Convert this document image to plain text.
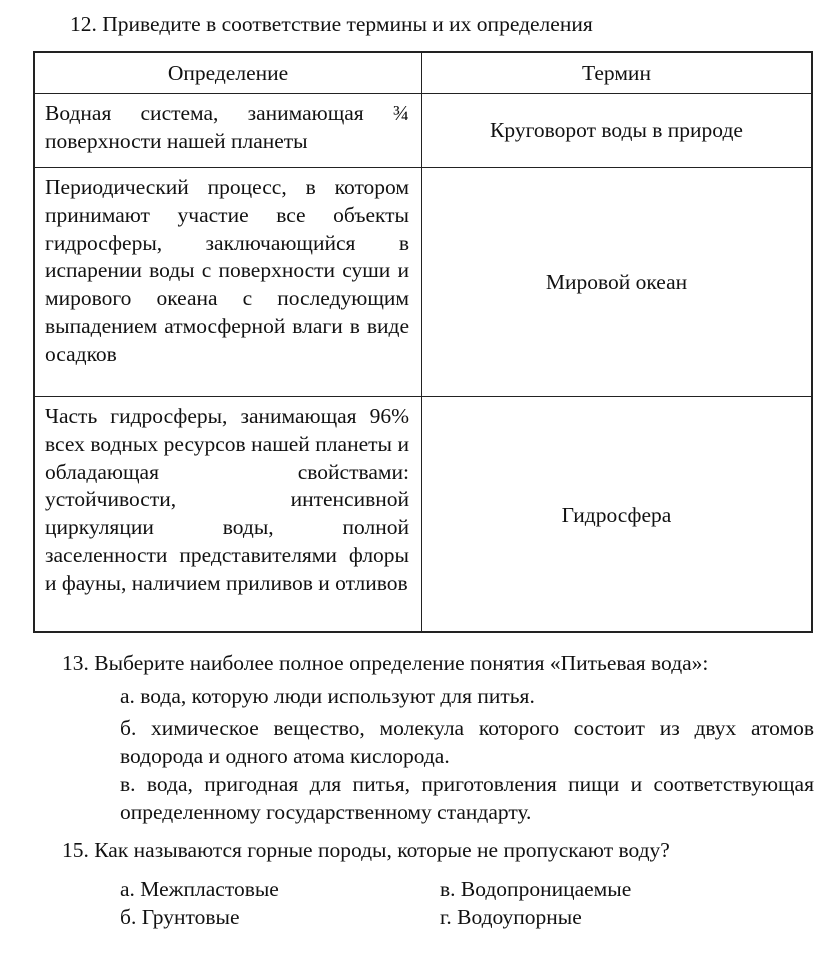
12. Приведите в соответствие термины и их определения
Определение	Термин
Водная система, занимающая ¾ поверхности нашей планеты	Круговорот воды в природе
Периодический процесс, в котором принимают участие все объекты гидросферы, заключающийся в испарении воды с поверхности суши и мирового океана с последующим выпадением атмосферной влаги в виде осадков
Мировой океан
Часть гидросферы, занимающая 96% всех водных ресурсов нашей планеты и обладающая свойствами: устойчивости, интенсивной циркуляции воды, полной заселенности представителями флоры и фауны, наличием приливов и отливов
Гидросфера
13. Выберите наиболее полное определение понятия «Питьевая вода»:
а. вода, которую люди используют для питья.
б. химическое вещество, молекула которого состоит из двух атомов водорода и одного атома кислорода.
в. вода, пригодная для питья, приготовления пищи и соответствующая определенному государственному стандарту.
15. Как называются горные породы, которые не пропускают воду?
а. Межпластовые
б. Грунтовые
в. Водопроницаемые
г. Водоупорные
